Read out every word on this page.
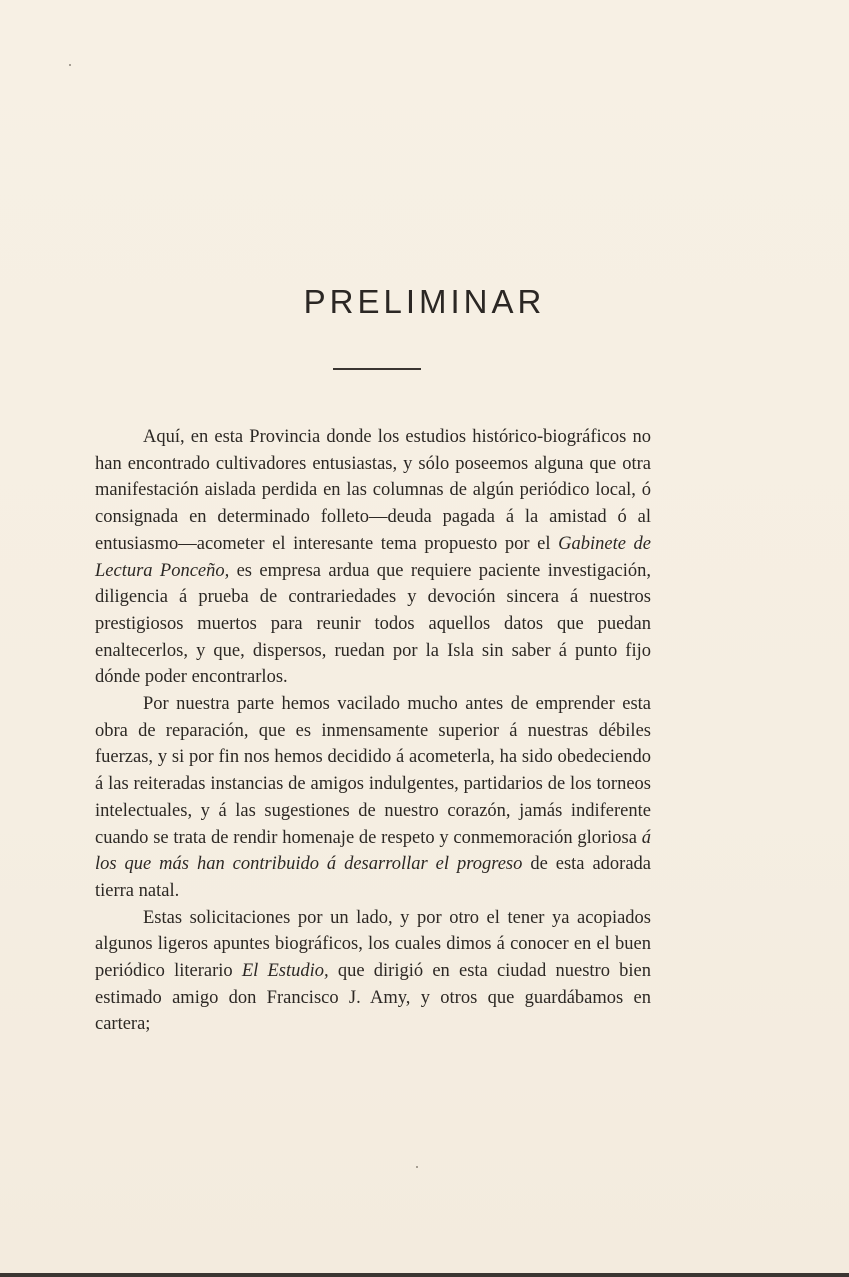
PRELIMINAR

Aquí, en esta Provincia donde los estudios histórico-biográficos no han encontrado cultivadores entusiastas, y sólo poseemos alguna que otra manifestación aislada perdida en las columnas de algún periódico local, ó consignada en determinado folleto—deuda pagada á la amistad ó al entusiasmo—acometer el interesante tema propuesto por el Gabinete de Lectura Ponceño, es empresa ardua que requiere paciente investigación, diligencia á prueba de contrariedades y devoción sincera á nuestros prestigiosos muertos para reunir todos aquellos datos que puedan enaltecerlos, y que, dispersos, ruedan por la Isla sin saber á punto fijo dónde poder encontrarlos.

Por nuestra parte hemos vacilado mucho antes de emprender esta obra de reparación, que es inmensamente superior á nuestras débiles fuerzas, y si por fin nos hemos decidido á acometerla, ha sido obedeciendo á las reiteradas instancias de amigos indulgentes, partidarios de los torneos intelectuales, y á las sugestiones de nuestro corazón, jamás indiferente cuando se trata de rendir homenaje de respeto y conmemoración gloriosa á los que más han contribuido á desarrollar el progreso de esta adorada tierra natal.

Estas solicitaciones por un lado, y por otro el tener ya acopiados algunos ligeros apuntes biográficos, los cuales dimos á conocer en el buen periódico literario El Estudio, que dirigió en esta ciudad nuestro bien estimado amigo don Francisco J. Amy, y otros que guardábamos en cartera;
